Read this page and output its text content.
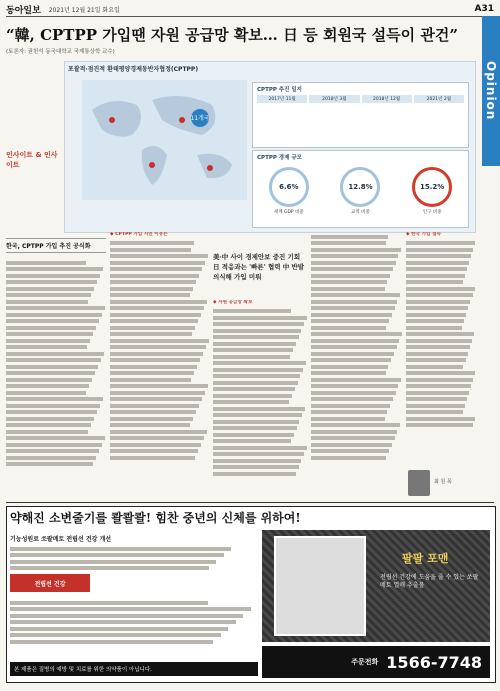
동아일보 2021년 12월 21일 화요일	A31
Opinion
“韓, CPTPP 가입땐 자원 공급망 확보… 日 등 회원국 설득이 관건”
(토론자: 권헌석 동국대학교 국제통상학 교수)
포괄적·점진적 환태평양경제동반자협정(CPTPP)
11개국
CPTPP 추진 일지
2017년 11월	2018년 3월	2018년 12월	2021년 2월
CPTPP 경제 규모
6.6%
세계 GDP 비중
12.8%
교역 비중
15.2%
인구 비중
인사이트 & 인사이트
한국, CPTPP 가입 추진 공식화
◆ CPTPP 가입 지연 이유는
美·中 사이 경제안보 중진 기회 日 적응과는 '빠른' 협력 中 반발 의식해 가입 미뤄
◆ 자원 공급망 확보
◆ 한국 가입 설득
최 원 목
약해진 소변줄기를 콸콸콸! 힘찬 중년의 신체를 위하여!
기능성원료 쏘팔메토 전립선 건강 개선
전립선 건강
팔팔 포맨
전립선 건강에 도움을 줄 수 있는 쏘팔메토 열매 추출물
주문전화 1566-7748
본 제품은 질병의 예방 및 치료를 위한 의약품이 아닙니다.
